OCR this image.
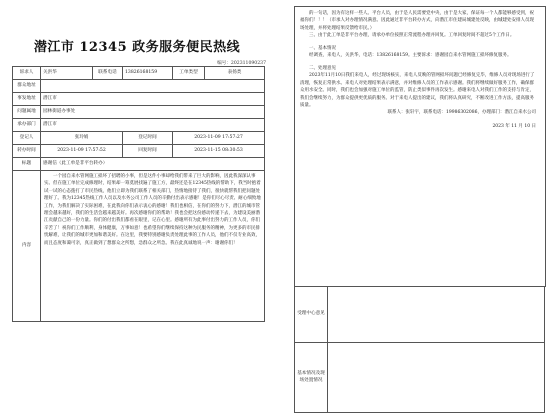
潜江市 12345 政务服务便民热线
编号：202311090237
诉求人	关洪华	联系电话	13826168159	工单类型	表扬类
群众地址					
事发地址	潜江市				
问题属地	园林街道办事处				
承办部门	潜江市				
登记人	张玲娟		登记时间	2023-11-09 17:57:27	
转办时间	2023-11-09 17:57:52		回复时间	2023-11-15 08:30:53	
标题	感谢信（此工单是非平台转办）				
内容	一个园自来水管网施工损坏了招聘的小事，但是这件小事却给我们带来了巨大的影响，因此我深深认事实。但在施工单位完成修理时，结果却一筹莫展找遍了施工方，最终还是在12345热线的帮助下，我当时抱着试一试的心态拨打了市民热线，他们立即为我们联系了相关部门，热情地接待了我们，很快就帮我们把问题处理好了。我为12345热线工作人员以及水务公司工作人员的辛勤付出表示感谢！是你们尽心尽责、耐心细致地工作，为我们解决了实际困难，在此我向你们表示衷心的感谢！我们也相信，在你们的努力下，潜江的城市管理会越来越好，我们的生活会越来越美好。再次感谢你们的帮助！我也会把这份感动传递下去，为建设美丽潜江贡献自己的一份力量。你们的付出我们都看在眼里，记在心里。感谢所有为此事付出努力的工作人员，你们辛苦了！祝你们工作顺利，身体健康，万事如意！也希望你们继续保持这种为民服务的精神，为更多的市民排忧解难，让我们的城市更加和谐美好。在这里，我要特别感谢负责处理此事的工作人员，他们不仅专业高效，而且态度和蔼可亲，真正做到了想群众之所想，急群众之所急。我在此真诚地说一声：谢谢你们！				

的一句话，因为有这样一些人。平台人员，由于是人民需要党中央，由于是大家，保证每一个人都能够感受到，祝福你们！！！（市承人对办理情况满意。因此通过非平台转办方式，向潜江市住建局城建处反映，由城建处安排人员现场处理，并将处理结果反馈给市民。）

三、由于此工单是非平台办理，请承办单位按照正常流程办理并回复。工单回复时间不超过5个工作日。

一、基本情况

经调查，来电人，关洪华，电话：13826168159。主要诉求：感谢园自来水管网施工损坏修复服务。

二、处理意见

2023年11月10日我们来电人，经过现场核实，来电人反映的管网损坏问题已经修复完毕，维修人员对现场进行了清理，恢复正常供水。来电人对处理结果表示满意，并对维修人员的工作表示感谢。我们将继续做好服务工作，确保群众用水安全。同时，我们也会加强对施工单位的监管，防止类似事件再次发生。感谢来电人对我们工作的支持与肯定，我们会继续努力，为群众提供更优质的服务。对于来电人提出的建议，我们将认真研究，不断改进工作方法，提高服务质量。

联系人：张轩宇，联系电话：19986302086，办理部门：潜江自来水公司

2023 年 11 月 10 日

受理中心意见	
基本情况及现场处置情况	
